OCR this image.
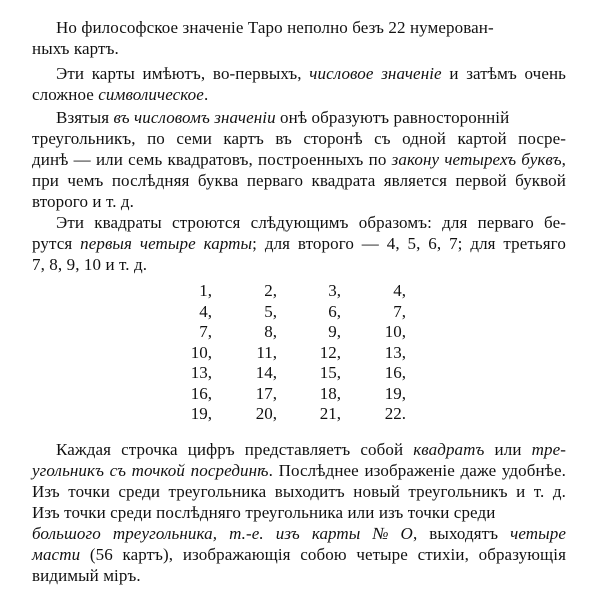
Но философское значеніе Таро неполно безъ 22 нумерован-
ныхъ картъ.
Эти карты имѣютъ, во-первыхъ, числовое значеніе и затѣмъ очень
сложное символическое.
Взятыя въ числовомъ значеніи онѣ образуютъ равносторонній
треугольникъ, по семи картъ въ сторонѣ съ одной картой посре-
динѣ — или семь квадратовъ, построенныхъ по закону четырехъ буквъ,
при чемъ послѣдняя буква перваго квадрата является первой буквой
второго и т. д.
Эти квадраты строются слѣдующимъ образомъ: для перваго бе-
рутся первыя четыре карты; для второго — 4, 5, 6, 7; для третьяго
7, 8, 9, 10 и т. д.
Каждая строчка цифръ представляетъ собой квадратъ или тре-
угольникъ съ точкой посрединѣ. Послѣднее изображеніе даже удобнѣе.
Изъ точки среди треугольника выходитъ новый треугольникъ и т. д.
Изъ точки среди послѣдняго треугольника или изъ точки среди
большого треугольника, т.-е. изъ карты № О, выходятъ четыре
масти (56 картъ), изображающія собою четыре стихіи, образующія
видимый міръ.
1,	2,	3,	4,
4,	5,	6,	7,
7,	8,	9,	10,
10,	11,	12,	13,
13,	14,	15,	16,
16,	17,	18,	19,
19,	20,	21,	22.
